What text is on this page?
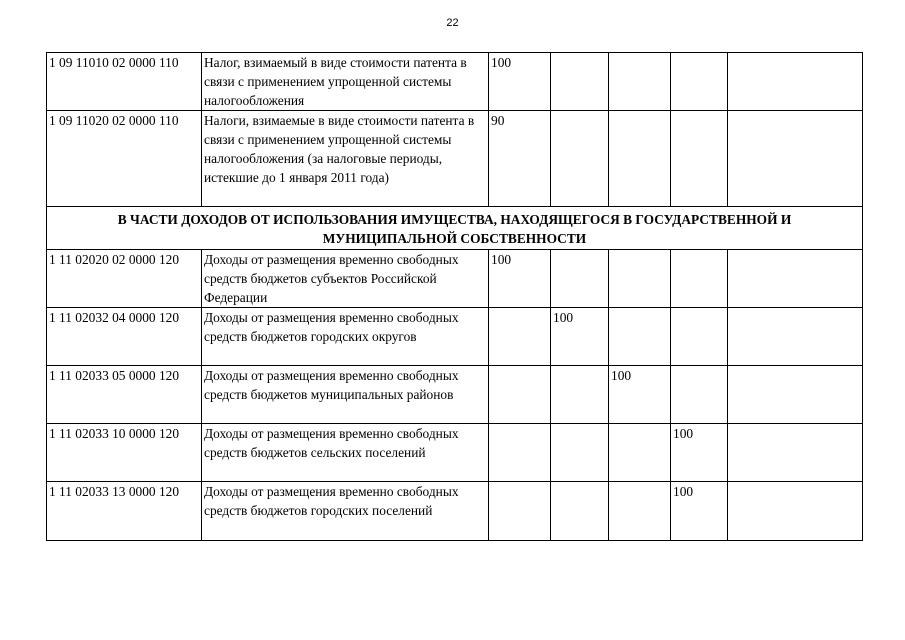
22
1 09 11010 02 0000 110	Налог, взимаемый в виде стоимости патента в связи с применением упрощенной системы налогообложения	100				
1 09 11020 02 0000 110	Налоги, взимаемые в виде стоимости патента в связи с применением упрощенной системы налогообложения (за налоговые периоды, истекшие до 1 января 2011 года)	90				
В ЧАСТИ ДОХОДОВ ОТ ИСПОЛЬЗОВАНИЯ ИМУЩЕСТВА, НАХОДЯЩЕГОСЯ В ГОСУДАРСТВЕННОЙ И МУНИЦИПАЛЬНОЙ СОБСТВЕННОСТИ						
1 11 02020 02 0000 120	Доходы от размещения временно свободных средств бюджетов субъектов Российской Федерации	100				
1 11 02032 04 0000 120	Доходы от размещения временно свободных средств бюджетов городских округов		100			
1 11 02033 05 0000 120	Доходы от размещения временно свободных средств бюджетов муниципальных районов			100		
1 11 02033 10 0000 120	Доходы от размещения временно свободных средств бюджетов сельских поселений				100	
1 11 02033 13 0000 120	Доходы от размещения временно свободных средств бюджетов городских поселений				100	
